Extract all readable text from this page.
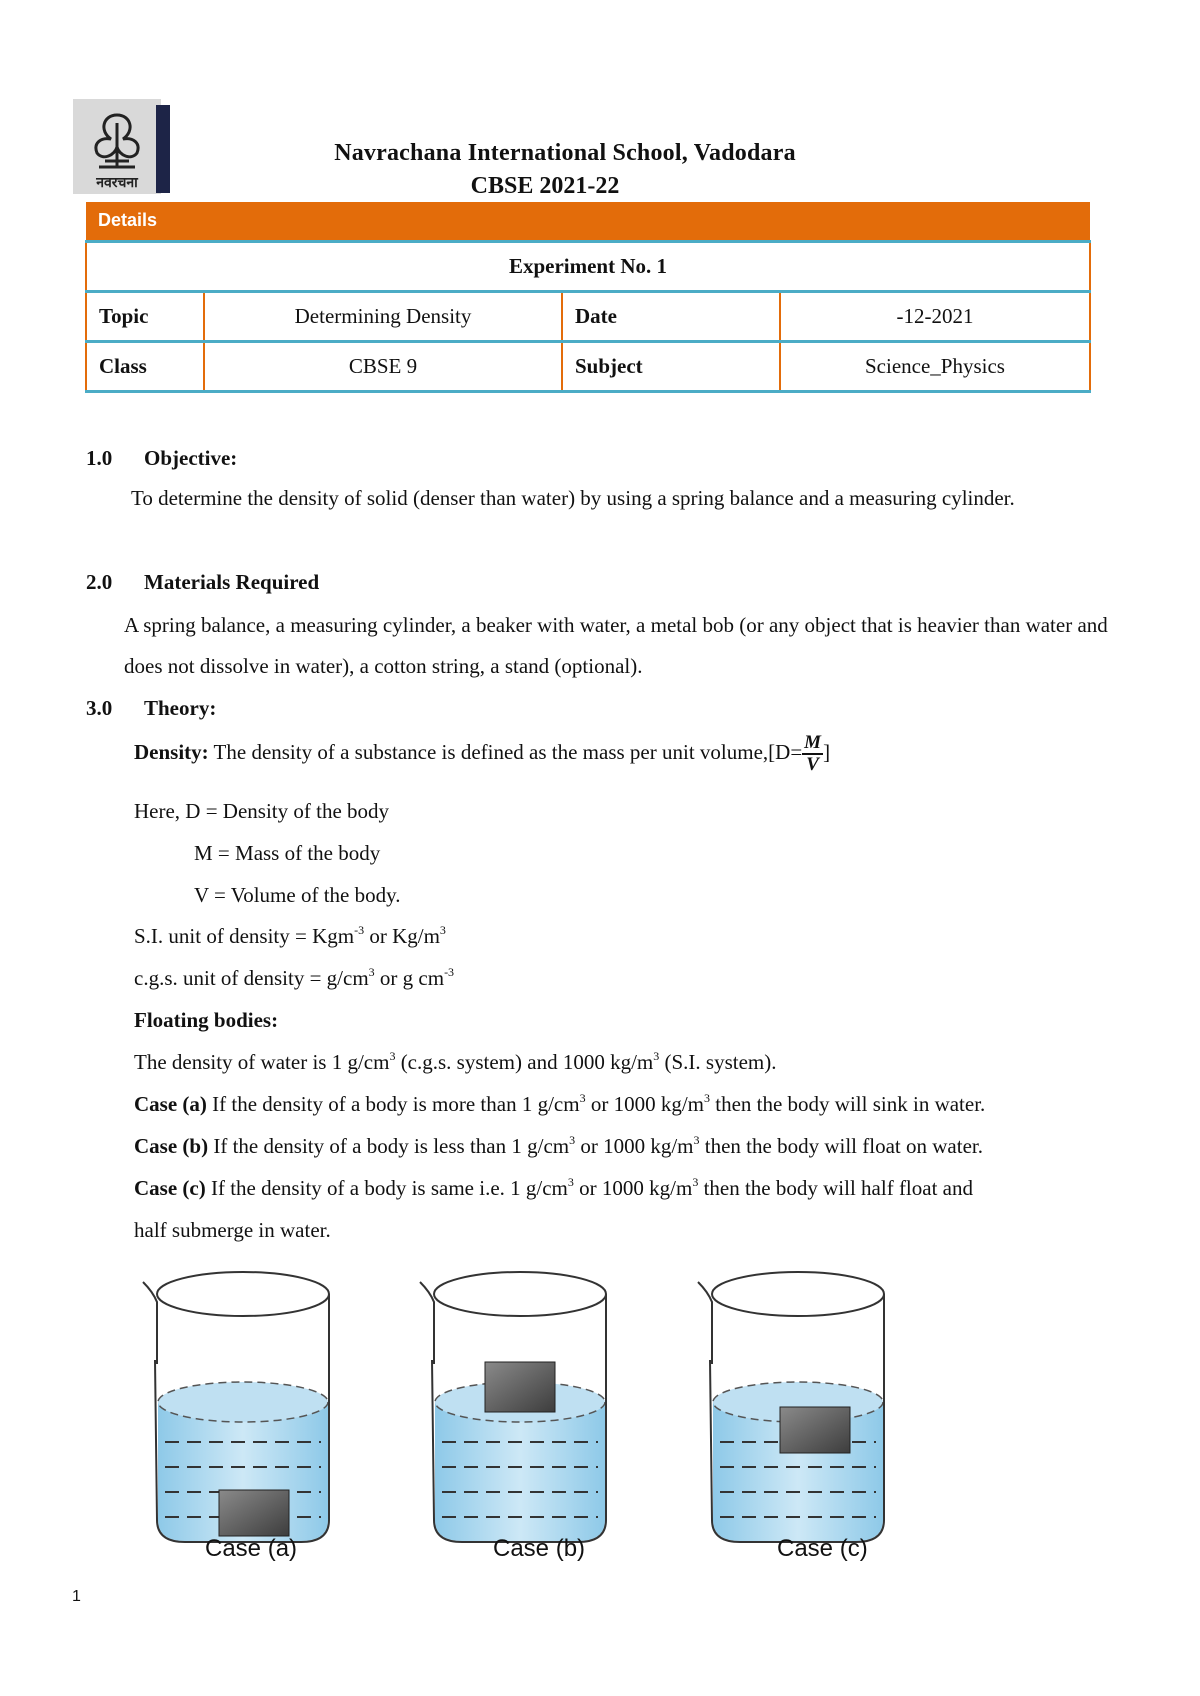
नवरचना
Navrachana International School, Vadodara
CBSE 2021-22
Details			
Experiment No. 1			
Topic	Determining Density	Date	-12-2021
Class	CBSE 9	Subject	Science_Physics
1.0 Objective:
To determine the density of solid (denser than water) by using a spring balance and a measuring cylinder.
2.0 Materials Required
A spring balance, a measuring cylinder, a beaker with water, a metal bob (or any object that is heavier than water and does not dissolve in water), a cotton string, a stand (optional).
3.0 Theory:
Density: The density of a substance is defined as the mass per unit volume,[D= $\frac{M}{V}$ ]
Here, D = Density of the body
M = Mass of the body
V = Volume of the body.
S.I. unit of density = Kgm$^{-3}$ or $Kg/m^3$
c.g.s. unit of density = $g/cm^3$ or g $cm^{-3}$
Floating bodies:
The density of water is 1 $g/cm^3$ (c.g.s. system) and 1000 $kg/m^3$ (S.I. system).
Case (a) If the density of a body is more than 1 $g/cm^3$ or 1000 $kg/m^3$ then the body will sink in water.
Case (b) If the density of a body is less than 1 $g/cm^3$ or 1000 $kg/m^3$ then the body will float on water.
Case (c) If the density of a body is same i.e. 1 $g/cm^3$ or 1000 $kg/m^3$ then the body will half float and
half submerge in water.
Case (a)	Case (b)	Case (c)
1
